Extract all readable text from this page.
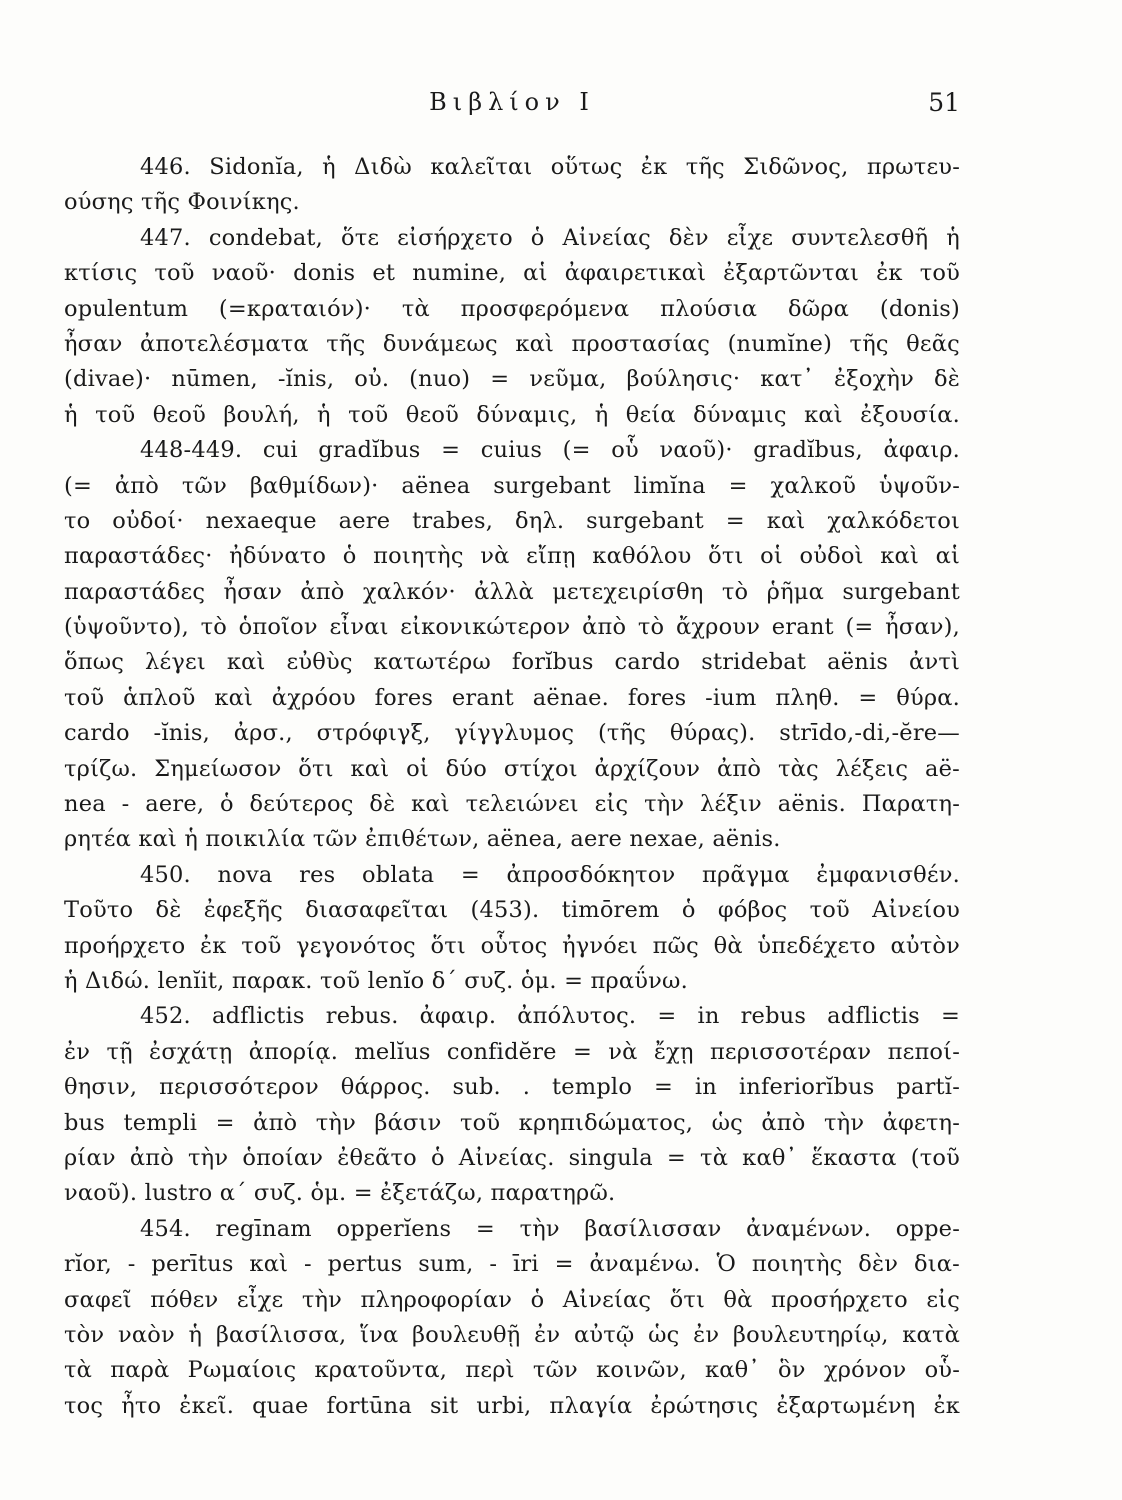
Βιβλίον Ι	51
446. Sidonĭa, ἡ Διδὼ καλεῖται οὕτως ἐκ τῆς Σιδῶνος, πρωτευ-
ούσης τῆς Φοινίκης.
447. condebat, ὅτε εἰσήρχετο ὁ Αἰνείας δὲν εἶχε συντελεσθῆ ἡ
κτίσις τοῦ ναοῦ· donis et numine, αἱ ἀφαιρετικαὶ ἐξαρτῶνται ἐκ τοῦ
opulentum (=κραταιόν)· τὰ προσφερόμενα πλούσια δῶρα (donis)
ἦσαν ἀποτελέσματα τῆς δυνάμεως καὶ προστασίας (numĭne) τῆς θεᾶς
(divae)· nūmen, -ĭnis, οὐ. (nuo) = νεῦμα, βούλησις· κατ᾽ ἐξοχὴν δὲ
ἡ τοῦ θεοῦ βουλή, ἡ τοῦ θεοῦ δύναμις, ἡ θεία δύναμις καὶ ἐξουσία.
448-449. cui gradĭbus = cuius (= οὗ ναοῦ)· gradĭbus, ἀφαιρ.
(= ἀπὸ τῶν βαθμίδων)· aënea surgebant limĭna = χαλκοῦ ὑψοῦν-
το οὐδοί· nexaeque aere trabes, δηλ. surgebant = καὶ χαλκόδετοι
παραστάδες· ἠδύνατο ὁ ποιητὴς νὰ εἴπῃ καθόλου ὅτι οἱ οὐδοὶ καὶ αἱ
παραστάδες ἦσαν ἀπὸ χαλκόν· ἀλλὰ μετεχειρίσθη τὸ ῥῆμα surgebant
(ὑψοῦντο), τὸ ὁποῖον εἶναι εἰκονικώτερον ἀπὸ τὸ ἄχρουν erant (= ἦσαν),
ὅπως λέγει καὶ εὐθὺς κατωτέρω forĭbus cardo stridebat aënis ἀντὶ
τοῦ ἁπλοῦ καὶ ἀχρόου fores erant aënae. fores -ium πληθ. = θύρα.
cardo -ĭnis, ἀρσ., στρόφιγξ, γίγγλυμος (τῆς θύρας). strīdo,-di,-ĕre—
τρίζω. Σημείωσον ὅτι καὶ οἱ δύο στίχοι ἀρχίζουν ἀπὸ τὰς λέξεις aë-
nea - aere, ὁ δεύτερος δὲ καὶ τελειώνει εἰς τὴν λέξιν aënis. Παρατη-
ρητέα καὶ ἡ ποικιλία τῶν ἐπιθέτων, aënea, aere nexae, aënis.
450. nova res oblata = ἀπροσδόκητον πρᾶγμα ἐμφανισθέν.
Τοῦτο δὲ ἐφεξῆς διασαφεῖται (453). timōrem ὁ φόβος τοῦ Αἰνείου
προήρχετο ἐκ τοῦ γεγονότος ὅτι οὗτος ἠγνόει πῶς θὰ ὑπεδέχετο αὐτὸν
ἡ Διδώ. lenĭit, παρακ. τοῦ lenĭo δ΄ συζ. ὁμ. = πραΰνω.
452. adflictis rebus. ἀφαιρ. ἀπόλυτος. = in rebus adflictis =
ἐν τῇ ἐσχάτῃ ἀπορίᾳ. melĭus confidĕre = νὰ ἔχῃ περισσοτέραν πεποί-
θησιν, περισσότερον θάρρος. sub. . templo = in inferiorĭbus partĭ-
bus templi = ἀπὸ τὴν βάσιν τοῦ κρηπιδώματος, ὡς ἀπὸ τὴν ἀφετη-
ρίαν ἀπὸ τὴν ὁποίαν ἐθεᾶτο ὁ Αἰνείας. singula = τὰ καθ᾽ ἕκαστα (τοῦ
ναοῦ). lustro α΄ συζ. ὁμ. = ἐξετάζω, παρατηρῶ.
454. regīnam opperĭens = τὴν βασίλισσαν ἀναμένων. oppe-
rĭor, - perītus καὶ - pertus sum, - īri = ἀναμένω. Ὁ ποιητὴς δὲν δια-
σαφεῖ πόθεν εἶχε τὴν πληροφορίαν ὁ Αἰνείας ὅτι θὰ προσήρχετο εἰς
τὸν ναὸν ἡ βασίλισσα, ἵνα βουλευθῇ ἐν αὐτῷ ὡς ἐν βουλευτηρίῳ, κατὰ
τὰ παρὰ Ρωμαίοις κρατοῦντα, περὶ τῶν κοινῶν, καθ᾽ ὃν χρόνον οὗ-
τος ἦτο ἐκεῖ. quae fortūna sit urbi, πλαγία ἐρώτησις ἐξαρτωμένη ἐκ
